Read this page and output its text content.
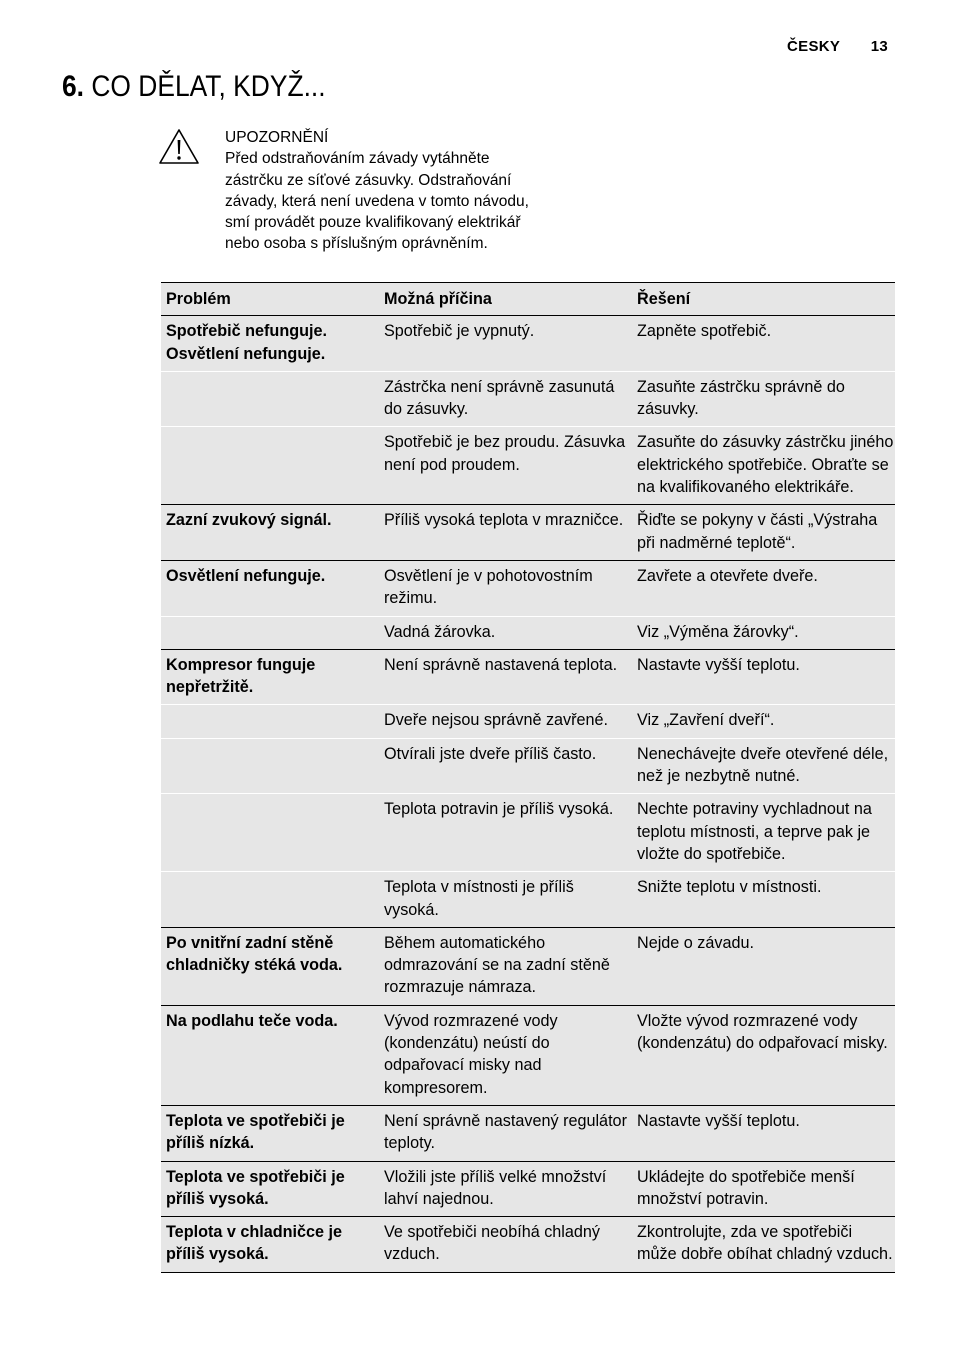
ČESKY 13
6. CO DĚLAT, KDYŽ...
UPOZORNĚNÍ
Před odstraňováním závady vytáhněte zástrčku ze síťové zásuvky. Odstraňování závady, která není uvedena v tomto návodu, smí provádět pouze kvalifikovaný elektrikář nebo osoba s příslušným oprávněním.
Problém	Možná příčina	Řešení
Spotřebič nefunguje. Osvětlení nefunguje.	Spotřebič je vypnutý.	Zapněte spotřebič.
	Zástrčka není správně zasunutá do zásuvky.	Zasuňte zástrčku správně do zásuvky.
	Spotřebič je bez proudu. Zásuvka není pod proudem.	Zasuňte do zásuvky zástrčku jiného elektrického spotřebiče. Obraťte se na kvalifikovaného elektrikáře.
Zazní zvukový signál.	Příliš vysoká teplota v mrazničce.	Řiďte se pokyny v části „Výstraha při nadměrné teplotě“.
Osvětlení nefunguje.	Osvětlení je v pohotovostním režimu.	Zavřete a otevřete dveře.
	Vadná žárovka.	Viz „Výměna žárovky“.
Kompresor funguje nepřetržitě.	Není správně nastavená teplota.	Nastavte vyšší teplotu.
	Dveře nejsou správně zavřené.	Viz „Zavření dveří“.
	Otvírali jste dveře příliš často.	Nenechávejte dveře otevřené déle, než je nezbytně nutné.
	Teplota potravin je příliš vysoká.	Nechte potraviny vychladnout na teplotu místnosti, a teprve pak je vložte do spotřebiče.
	Teplota v místnosti je příliš vysoká.	Snižte teplotu v místnosti.
Po vnitřní zadní stěně chladničky stéká voda.	Během automatického odmrazování se na zadní stěně rozmrazuje námraza.	Nejde o závadu.
Na podlahu teče voda.	Vývod rozmrazené vody (kondenzátu) neústí do odpařovací misky nad kompresorem.	Vložte vývod rozmrazené vody (kondenzátu) do odpařovací misky.
Teplota ve spotřebiči je příliš nízká.	Není správně nastavený regulátor teploty.	Nastavte vyšší teplotu.
Teplota ve spotřebiči je příliš vysoká.	Vložili jste příliš velké množství lahví najednou.	Ukládejte do spotřebiče menší množství potravin.
Teplota v chladničce je příliš vysoká.	Ve spotřebiči neobíhá chladný vzduch.	Zkontrolujte, zda ve spotřebiči může dobře obíhat chladný vzduch.
